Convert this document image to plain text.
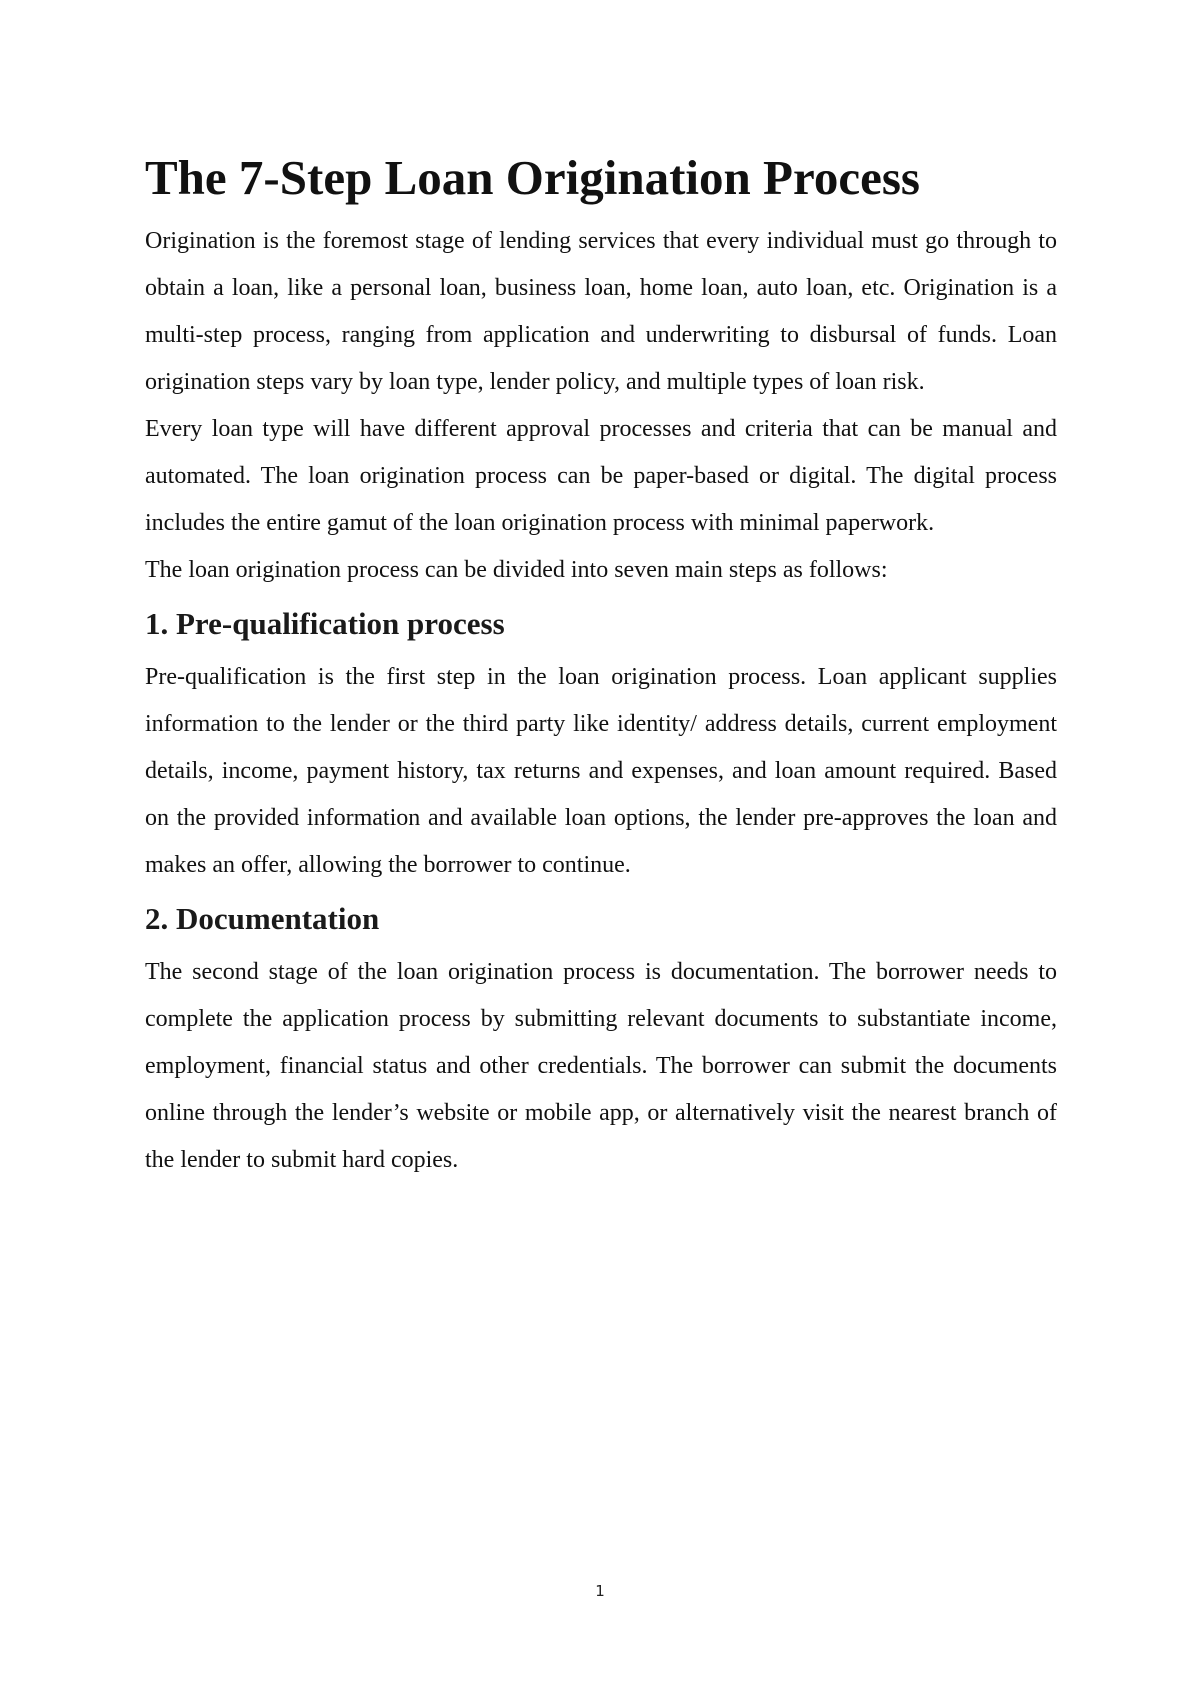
The 7-Step Loan Origination Process

Origination is the foremost stage of lending services that every individual must go through to obtain a loan, like a personal loan, business loan, home loan, auto loan, etc. Origination is a multi-step process, ranging from application and underwriting to disbursal of funds. Loan origination steps vary by loan type, lender policy, and multiple types of loan risk.

Every loan type will have different approval processes and criteria that can be manual and automated. The loan origination process can be paper-based or digital. The digital process includes the entire gamut of the loan origination process with minimal paperwork.

The loan origination process can be divided into seven main steps as follows:

1. Pre-qualification process

Pre-qualification is the first step in the loan origination process. Loan applicant supplies information to the lender or the third party like identity/ address details, current employment details, income, payment history, tax returns and expenses, and loan amount required. Based on the provided information and available loan options, the lender pre-approves the loan and makes an offer, allowing the borrower to continue.

2. Documentation

The second stage of the loan origination process is documentation. The borrower needs to complete the application process by submitting relevant documents to substantiate income, employment, financial status and other credentials. The borrower can submit the documents online through the lender’s website or mobile app, or alternatively visit the nearest branch of the lender to submit hard copies.

1
